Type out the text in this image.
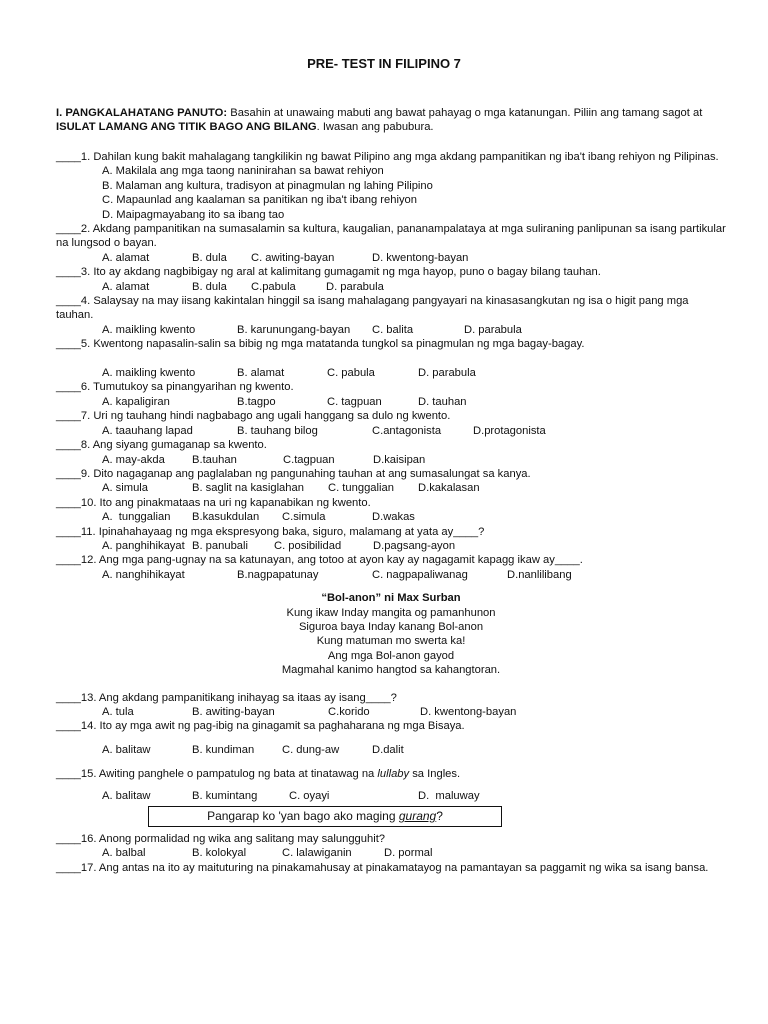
PRE- TEST IN FILIPINO 7
I. PANGKALAHATANG PANUTO: Basahin at unawaing mabuti ang bawat pahayag o mga katanungan. Piliin ang tamang sagot at ISULAT LAMANG ANG TITIK BAGO ANG BILANG. Iwasan ang pabubura.
____1. Dahilan kung bakit mahalagang tangkilikin ng bawat Pilipino ang mga akdang pampanitikan ng iba't ibang rehiyon ng Pilipinas.
A. Makilala ang mga taong naninirahan sa bawat rehiyon
B. Malaman ang kultura, tradisyon at pinagmulan ng lahing Pilipino
C. Mapaunlad ang kaalaman sa panitikan ng iba't ibang rehiyon
D. Maipagmayabang ito sa ibang tao
____2. Akdang pampanitikan na sumasalamin sa kultura, kaugalian, pananampalataya at mga suliraning panlipunan sa isang partikular na lungsod o bayan.
A. alamat	B. dula	C. awiting-bayan	D. kwentong-bayan
____3. Ito ay akdang nagbibigay ng aral at kalimitang gumagamit ng mga hayop, puno o bagay bilang tauhan.
A. alamat	B. dula	C.pabula	D. parabula
____4. Salaysay na may iisang kakintalan hinggil sa isang mahalagang pangyayari na kinasasangkutan ng isa o higit pang mga tauhan.
A. maikling kwento	B. karunungang-bayan	C. balita	D. parabula
____5. Kwentong napasalin-salin sa bibig ng mga matatanda tungkol sa pinagmulan ng mga bagay-bagay.
A. maikling kwento	B. alamat	C. pabula	D. parabula
____6. Tumutukoy sa pinangyarihan ng kwento.
A. kapaligiran	B.tagpo	C. tagpuan	D. tauhan
____7. Uri ng tauhang hindi nagbabago ang ugali hanggang sa dulo ng kwento.
A. taauhang lapad	B. tauhang bilog	C.antagonista	D.protagonista
____8. Ang siyang gumaganap sa kwento.
A. may-akda	B.tauhan	C.tagpuan	D.kaisipan
____9. Dito nagaganap ang paglalaban ng pangunahing tauhan at ang sumasalungat sa kanya.
A. simula	B. saglit na kasiglahan	C. tunggalian	D.kakalasan
____10. Ito ang pinakmataas na uri ng kapanabikan ng kwento.
A.  tunggalian	B.kasukdulan	C.simula	D.wakas
____11. Ipinahahayaag ng mga ekspresyong baka, siguro, malamang at yata ay____?
A. panghihikayat B. panubali	C. posibilidad	D.pagsang-ayon
____12. Ang mga pang-ugnay na sa katunayan, ang totoo at ayon kay ay nagagamit kapagg ikaw ay____.
A. nanghihikayat	B.nagpapatunay	C. nagpapaliwanag	D.nanlilibang
“Bol-anon” ni Max Surban
Kung ikaw Inday mangita og pamanhunon
Siguroa baya Inday kanang Bol-anon
Kung matuman mo swerta ka!
Ang mga Bol-anon gayod
Magmahal kanimo hangtod sa kahangtoran.
____13. Ang akdang pampanitikang inihayag sa itaas ay isang____?
A. tula	B. awiting-bayan	C.korido	D. kwentong-bayan
____14. Ito ay mga awit ng pag-ibig na ginagamit sa paghaharana ng mga Bisaya.
A. balitaw	B. kundiman	C. dung-aw	D.dalit
____15. Awiting panghele o pampatulog ng bata at tinatawag na lullaby sa Ingles.
A. balitaw	B. kumintang	C. oyayi	D.  maluway
Pangarap ko 'yan bago ako maging gurang?
____16. Anong pormalidad ng wika ang salitang may salungguhit?
A. balbal	B. kolokyal	C. lalawiganin	D. pormal
____17. Ang antas na ito ay maituturing na pinakamahusay at pinakamatayog na pamantayan sa paggamit ng wika sa isang bansa.
